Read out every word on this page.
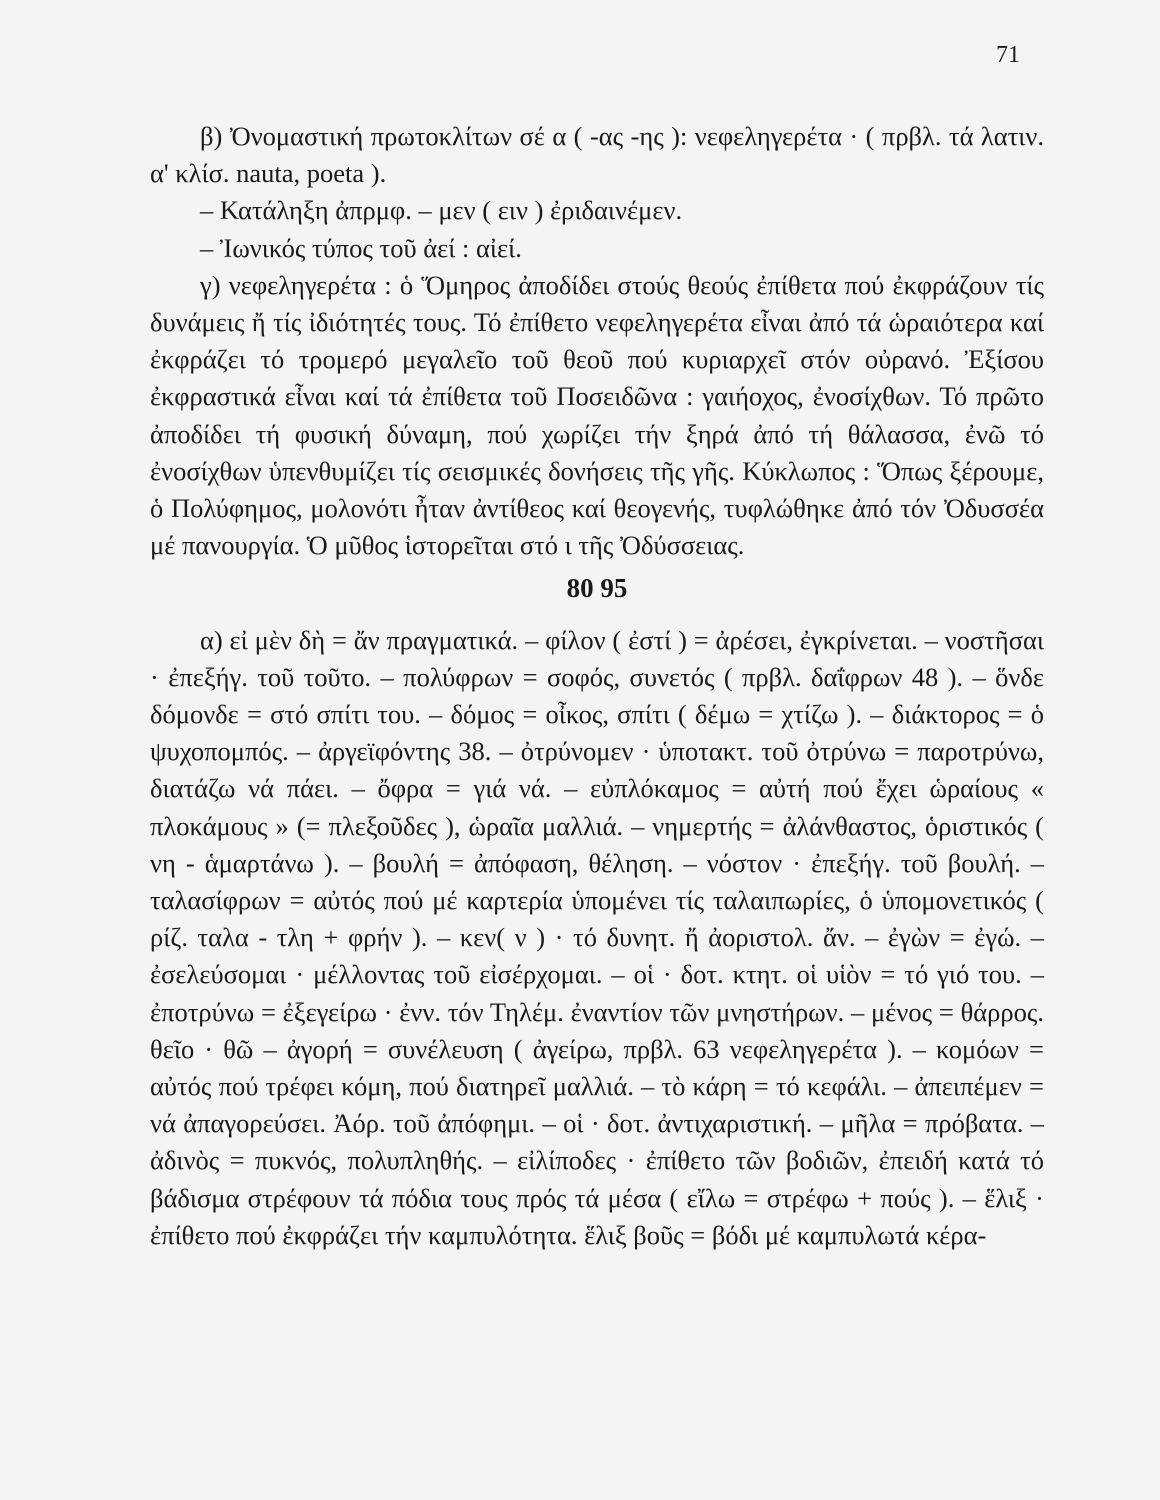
71

β) Ὀνομαστική πρωτοκλίτων σέ α ( -ας -ης ): νεφεληγερέτα · ( πρβλ. τά λατιν. α' κλίσ. nauta, poeta ).

– Κατάληξη ἀπρμφ. – μεν ( ειν ) ἐριδαινέμεν.

– Ἰωνικός τύπος τοῦ ἀεί : αἰεί.

γ) νεφεληγερέτα : ὁ Ὅμηρος ἀποδίδει στούς θεούς ἐπίθετα πού ἐκφράζουν τίς δυνάμεις ἤ τίς ἰδιότητές τους. Τό ἐπίθετο νεφεληγερέτα εἶναι ἀπό τά ὡραιότερα καί ἐκφράζει τό τρομερό μεγαλεῖο τοῦ θεοῦ πού κυριαρχεῖ στόν οὐρανό. Ἐξίσου ἐκφραστικά εἶναι καί τά ἐπίθετα τοῦ Ποσειδῶνα : γαιήοχος, ἐνοσίχθων. Τό πρῶτο ἀποδίδει τή φυσική δύναμη, πού χωρίζει τήν ξηρά ἀπό τή θάλασσα, ἐνῶ τό ἐνοσίχθων ὑπενθυμίζει τίς σεισμικές δονήσεις τῆς γῆς. Κύκλωπος : Ὅπως ξέρουμε, ὁ Πολύφημος, μολονότι ἦταν ἀντίθεος καί θεογενής, τυφλώθηκε ἀπό τόν Ὀδυσσέα μέ πανουργία. Ὁ μῦθος ἱστορεῖται στό ι τῆς Ὀδύσσειας.

80 95

α) εἰ μὲν δὴ = ἄν πραγματικά. – φίλον ( ἐστί ) = ἀρέσει, ἐγκρίνεται. – νοστῆσαι · ἐπεξήγ. τοῦ τοῦτο. – πολύφρων = σοφός, συνετός ( πρβλ. δαΐφρων 48 ). – ὅνδε δόμονδε = στό σπίτι του. – δόμος = οἶκος, σπίτι ( δέμω = χτίζω ). – διάκτορος = ὁ ψυχοπομπός. – ἀργεϊφόντης 38. – ὀτρύνομεν · ὑποτακτ. τοῦ ὀτρύνω = παροτρύνω, διατάζω νά πάει. – ὄφρα = γιά νά. – εὐπλόκαμος = αὐτή πού ἔχει ὡραίους « πλοκάμους » (= πλεξοῦδες ), ὡραῖα μαλλιά. – νημερτής = ἀλάνθαστος, ὁριστικός ( νη - ἁμαρτάνω ). – βουλή = ἀπόφαση, θέληση. – νόστον · ἐπεξήγ. τοῦ βουλή. – ταλασίφρων = αὐτός πού μέ καρτερία ὑπομένει τίς ταλαιπωρίες, ὁ ὑπομονετικός ( ρίζ. ταλα - τλη + φρήν ). – κεν( ν ) · τό δυνητ. ἤ ἀοριστολ. ἄν. – ἐγὼν = ἐγώ. – ἐσελεύσομαι · μέλλοντας τοῦ εἰσέρχομαι. – οἱ · δοτ. κτητ. οἱ υἱὸν = τό γιό του. – ἐποτρύνω = ἐξεγείρω · ἐνν. τόν Τηλέμ. ἐναντίον τῶν μνηστήρων. – μένος = θάρρος. θεῖο · θῶ – ἀγορή = συνέλευση ( ἀγείρω, πρβλ. 63 νεφεληγερέτα ). – κομόων = αὐτός πού τρέφει κόμη, πού διατηρεῖ μαλλιά. – τὸ κάρη = τό κεφάλι. – ἀπειπέμεν = νά ἀπαγορεύσει. Ἀόρ. τοῦ ἀπόφημι. – οἱ · δοτ. ἀντιχαριστική. – μῆλα = πρόβατα. – ἀδινὸς = πυκνός, πολυπληθής. – εἰλίποδες · ἐπίθετο τῶν βοδιῶν, ἐπειδή κατά τό βάδισμα στρέφουν τά πόδια τους πρός τά μέσα ( εἴλω = στρέφω + πούς ). – ἕλιξ · ἐπίθετο πού ἐκφράζει τήν καμπυλότητα. ἕλιξ βοῦς = βόδι μέ καμπυλωτά κέρα-
